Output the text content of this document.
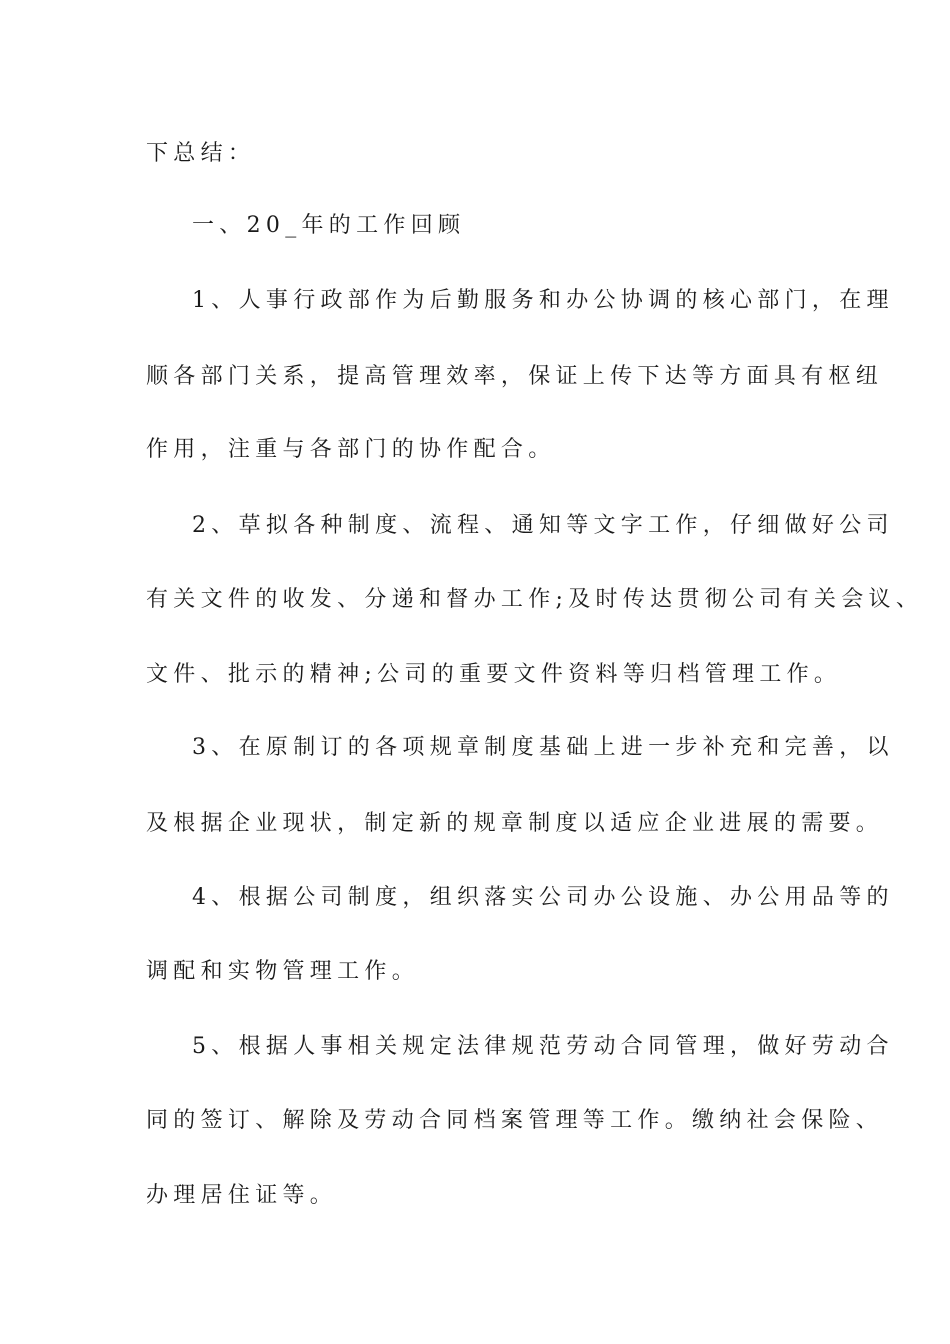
下总结：
一、20_年的工作回顾
1、人事行政部作为后勤服务和办公协调的核心部门，在理
顺各部门关系，提高管理效率，保证上传下达等方面具有枢纽
作用，注重与各部门的协作配合。
2、草拟各种制度、流程、通知等文字工作，仔细做好公司
有关文件的收发、分递和督办工作;及时传达贯彻公司有关会议、
文件、批示的精神;公司的重要文件资料等归档管理工作。
3、在原制订的各项规章制度基础上进一步补充和完善，以
及根据企业现状，制定新的规章制度以适应企业进展的需要。
4、根据公司制度，组织落实公司办公设施、办公用品等的
调配和实物管理工作。
5、根据人事相关规定法律规范劳动合同管理，做好劳动合
同的签订、解除及劳动合同档案管理等工作。缴纳社会保险、
办理居住证等。
